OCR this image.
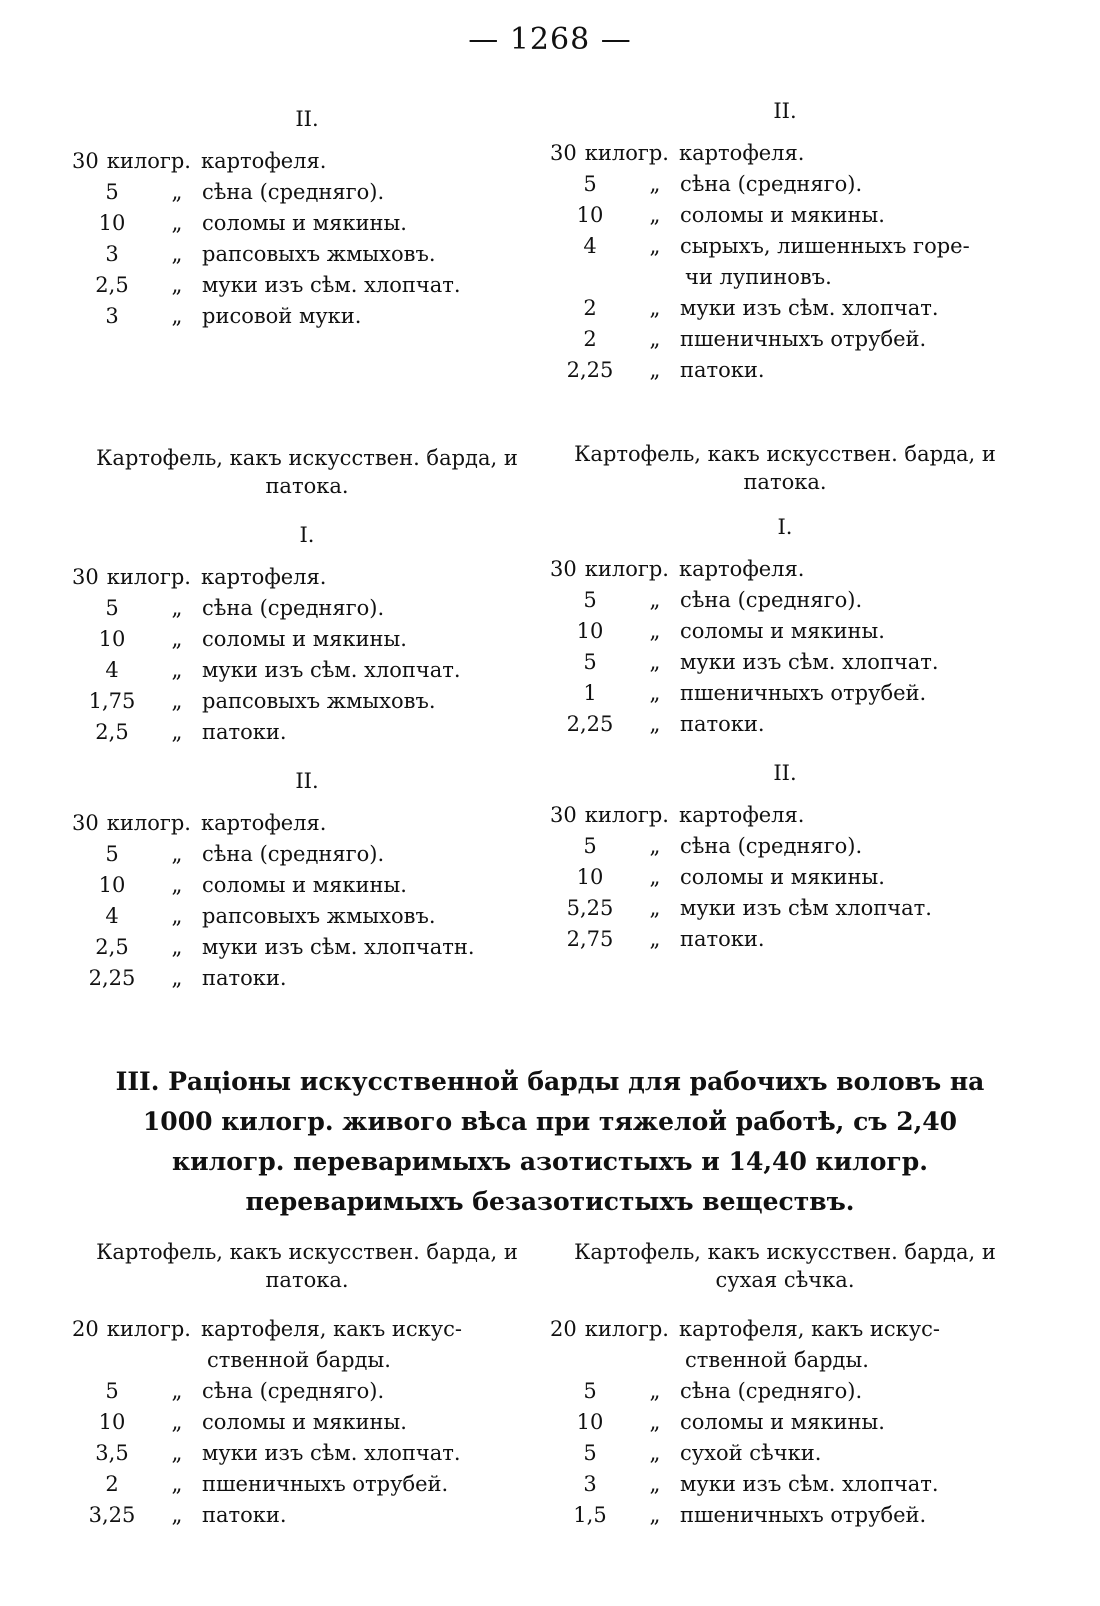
— 1268 —
II.
30 килогр. картофеля.
5	„ сѣна (средняго).
10	„ соломы и мякины.
3	„ рапсовыхъ жмыховъ.
2,5	„ муки изъ сѣм. хлопчат.
3	„ рисовой муки.
II.
30 килогр. картофеля.
5	„ сѣна (средняго).
10	„ соломы и мякины.
4	„ сырыхъ, лишенныхъ горе-
чи лупиновъ.
2	„ муки изъ сѣм. хлопчат.
2	„ пшеничныхъ отрубей.
2,25	„ патоки.
Картофель, какъ искусствен. барда, и патока.
I.
30 килогр. картофеля.
5	„ сѣна (средняго).
10	„ соломы и мякины.
4	„ муки изъ сѣм. хлопчат.
1,75	„ рапсовыхъ жмыховъ.
2,5	„ патоки.
II.
30 килогр. картофеля.
5	„ сѣна (средняго).
10	„ соломы и мякины.
4	„ рапсовыхъ жмыховъ.
2,5	„ муки изъ сѣм. хлопчатн.
2,25	„ патоки.
Картофель, какъ искусствен. барда, и патока.
I.
30 килогр. картофеля.
5	„ сѣна (средняго).
10	„ соломы и мякины.
5	„ муки изъ сѣм. хлопчат.
1	„ пшеничныхъ отрубей.
2,25	„ патоки.
II.
30 килогр. картофеля.
5	„ сѣна (средняго).
10	„ соломы и мякины.
5,25	„ муки изъ сѣм хлопчат.
2,75	„ патоки.
III. Раціоны искусственной барды для рабочихъ воловъ на 1000 килогр. живого вѣса при тяжелой работѣ, съ 2,40 килогр. переваримыхъ азотистыхъ и 14,40 килогр. переваримыхъ безазотистыхъ веществъ.
Картофель, какъ искусствен. барда, и патока.
20 килогр. картофеля, какъ искус-
ственной барды.
5	„ сѣна (средняго).
10	„ соломы и мякины.
3,5	„ муки изъ сѣм. хлопчат.
2	„ пшеничныхъ отрубей.
3,25	„ патоки.
Картофель, какъ искусствен. барда, и сухая сѣчка.
20 килогр. картофеля, какъ искус-
ственной барды.
5	„ сѣна (средняго).
10	„ соломы и мякины.
5	„ сухой сѣчки.
3	„ муки изъ сѣм. хлопчат.
1,5	„ пшеничныхъ отрубей.
